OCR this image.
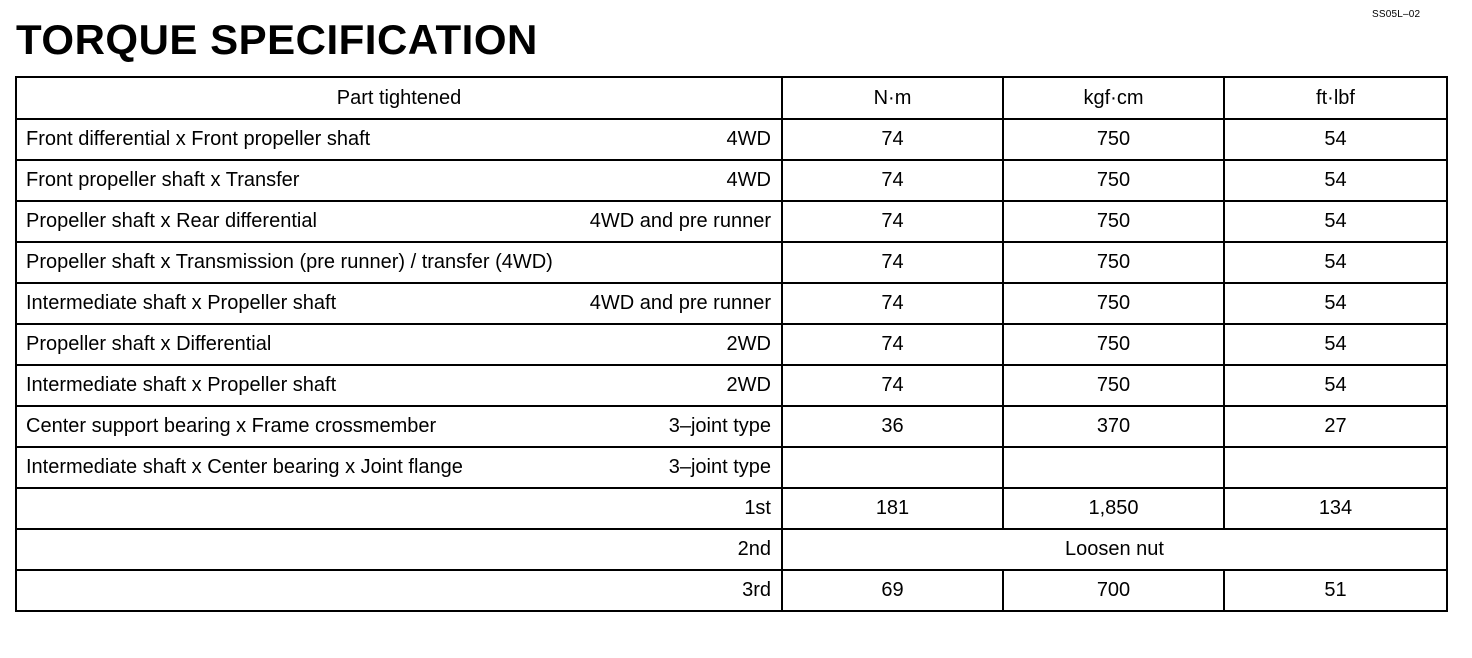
SS05L–02
TORQUE SPECIFICATION
Part tightened	N·m	kgf·cm	ft·lbf

Front differential x Front propeller shaft 4WD	74	750	54

Front propeller shaft x Transfer 4WD	74	750	54

Propeller shaft x Rear differential 4WD and pre runner	74	750	54

Propeller shaft x Transmission (pre runner) / transfer (4WD)	74	750	54

Intermediate shaft x Propeller shaft 4WD and pre runner	74	750	54

Propeller shaft x Differential 2WD	74	750	54

Intermediate shaft x Propeller shaft 2WD	74	750	54

Center support bearing x Frame crossmember 3–joint type	36	370	27

Intermediate shaft x Center bearing x Joint flange 3–joint type			

1st	181	1,850	134

2nd	Loosen nut		

3rd	69	700	51
